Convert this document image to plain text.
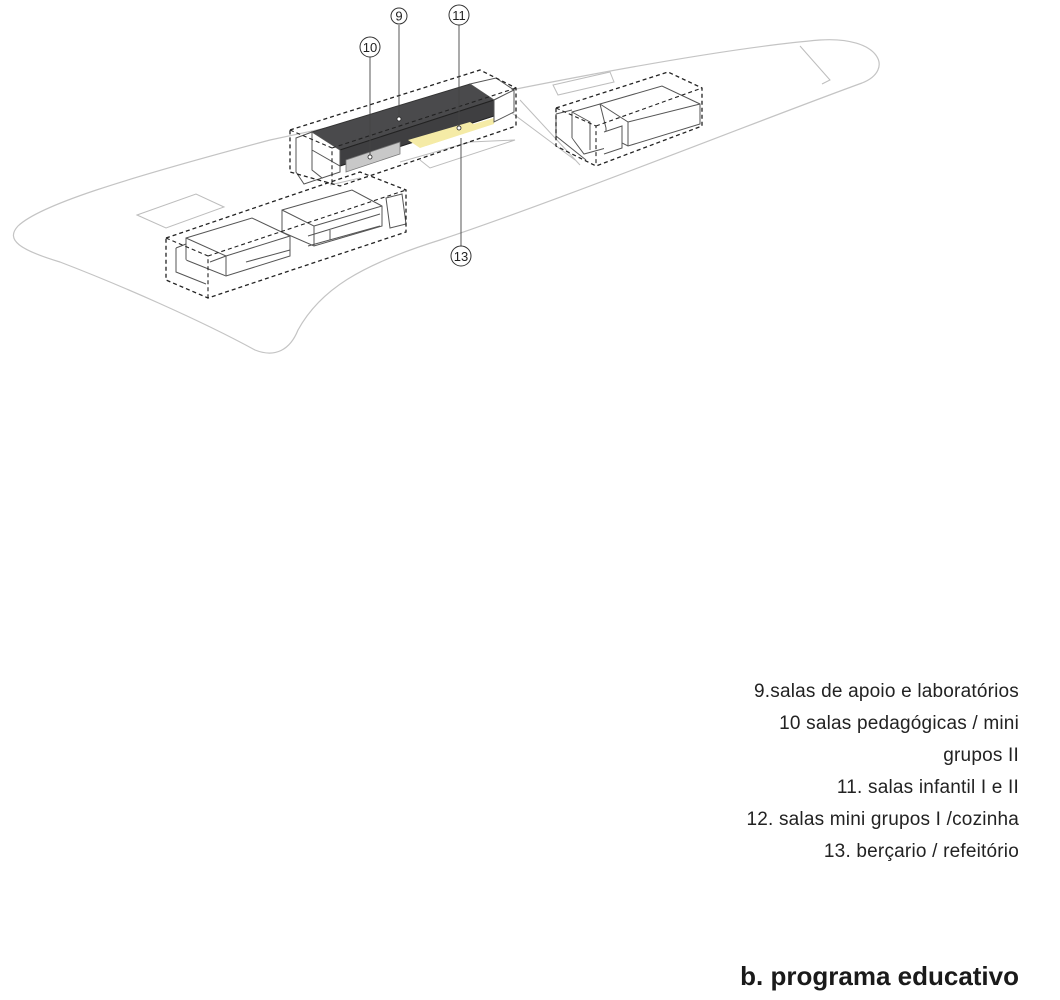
9
10
11
13
9.salas de apoio e laboratórios
10 salas pedagógicas / mini
grupos II
11. salas infantil I e II
12. salas mini grupos I /cozinha
13. berçario / refeitório
b. programa educativo
